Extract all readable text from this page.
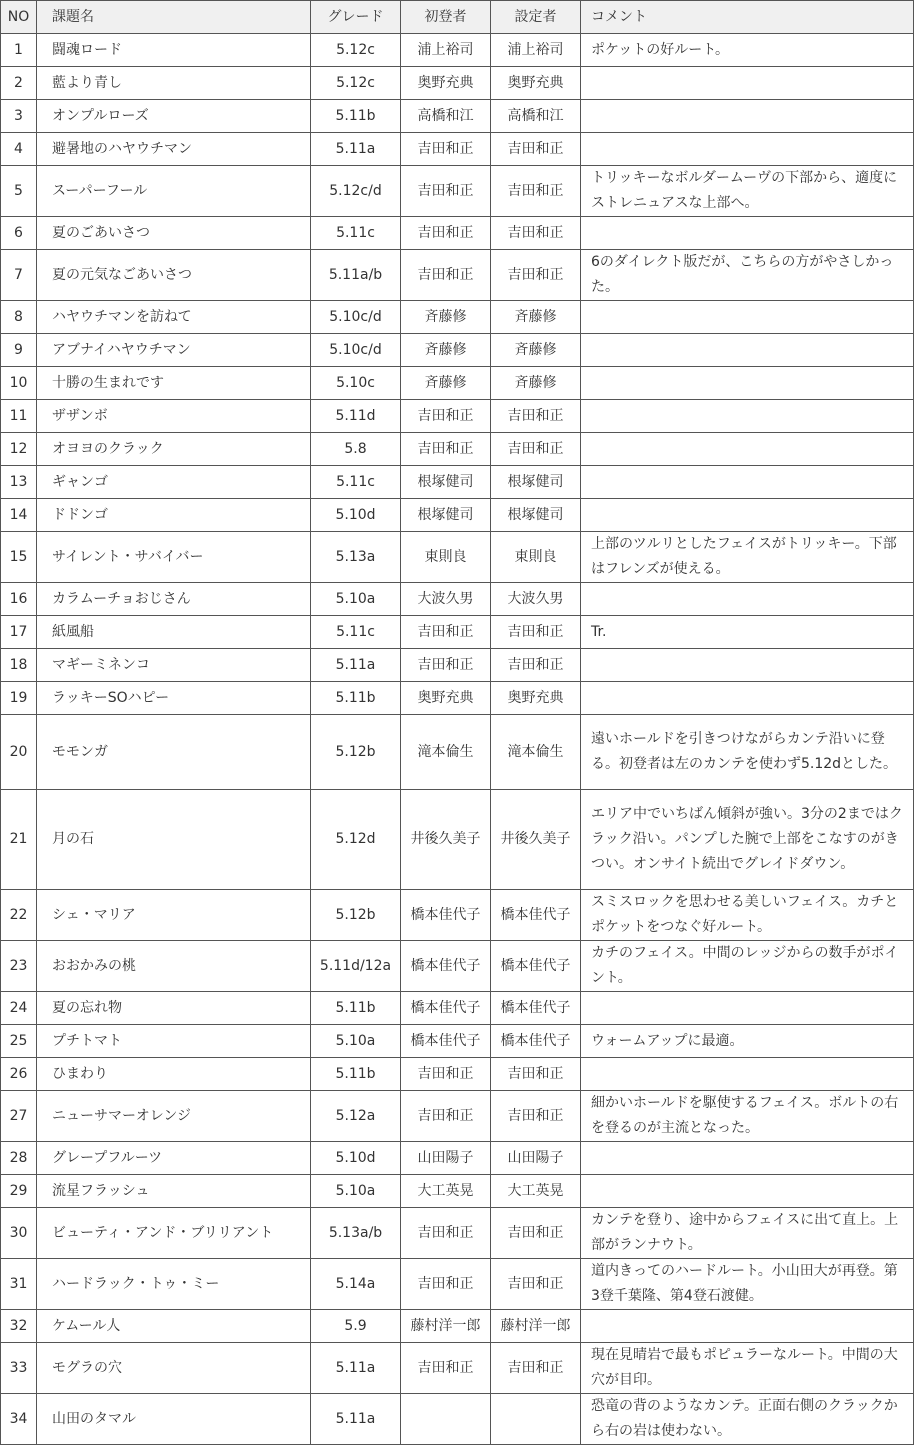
NO	課題名	グレード	初登者	設定者	コメント
1	闘魂ロード	5.12c	浦上裕司	浦上裕司	ポケットの好ルート。
2	藍より青し	5.12c	奥野充典	奥野充典	
3	オンプルローズ	5.11b	高橋和江	高橋和江	
4	避暑地のハヤウチマン	5.11a	吉田和正	吉田和正	
5	スーパーフール	5.12c/d	吉田和正	吉田和正	トリッキーなボルダームーヴの下部から、適度にストレニュアスな上部へ。
6	夏のごあいさつ	5.11c	吉田和正	吉田和正	
7	夏の元気なごあいさつ	5.11a/b	吉田和正	吉田和正	6のダイレクト版だが、こちらの方がやさしかった。
8	ハヤウチマンを訪ねて	5.10c/d	斉藤修	斉藤修	
9	アブナイハヤウチマン	5.10c/d	斉藤修	斉藤修	
10	十勝の生まれです	5.10c	斉藤修	斉藤修	
11	ザザンボ	5.11d	吉田和正	吉田和正	
12	オヨヨのクラック	5.8	吉田和正	吉田和正	
13	ギャンゴ	5.11c	根塚健司	根塚健司	
14	ドドンゴ	5.10d	根塚健司	根塚健司	
15	サイレント・サバイバー	5.13a	東則良	東則良	上部のツルリとしたフェイスがトリッキー。下部はフレンズが使える。
16	カラムーチョおじさん	5.10a	大波久男	大波久男	
17	紙風船	5.11c	吉田和正	吉田和正	Tr.
18	マギーミネンコ	5.11a	吉田和正	吉田和正	
19	ラッキーSOハピー	5.11b	奥野充典	奥野充典	
20	モモンガ	5.12b	滝本倫生	滝本倫生	遠いホールドを引きつけながらカンテ沿いに登る。初登者は左のカンテを使わず5.12dとした。
21	月の石	5.12d	井後久美子	井後久美子	エリア中でいちばん傾斜が強い。3分の2まではクラック沿い。パンプした腕で上部をこなすのがきつい。オンサイト続出でグレイドダウン。
22	シェ・マリア	5.12b	橋本佳代子	橋本佳代子	スミスロックを思わせる美しいフェイス。カチとポケットをつなぐ好ルート。
23	おおかみの桃	5.11d/12a	橋本佳代子	橋本佳代子	カチのフェイス。中間のレッジからの数手がポイント。
24	夏の忘れ物	5.11b	橋本佳代子	橋本佳代子	
25	プチトマト	5.10a	橋本佳代子	橋本佳代子	ウォームアップに最適。
26	ひまわり	5.11b	吉田和正	吉田和正	
27	ニューサマーオレンジ	5.12a	吉田和正	吉田和正	細かいホールドを駆使するフェイス。ボルトの右を登るのが主流となった。
28	グレープフルーツ	5.10d	山田陽子	山田陽子	
29	流星フラッシュ	5.10a	大工英晃	大工英晃	
30	ビューティ・アンド・ブリリアント	5.13a/b	吉田和正	吉田和正	カンテを登り、途中からフェイスに出て直上。上部がランナウト。
31	ハードラック・トゥ・ミー	5.14a	吉田和正	吉田和正	道内きってのハードルート。小山田大が再登。第3登千葉隆、第4登石渡健。
32	ケムール人	5.9	藤村洋一郎	藤村洋一郎	
33	モグラの穴	5.11a	吉田和正	吉田和正	現在見晴岩で最もポピュラーなルート。中間の大穴が目印。
34	山田のタマル	5.11a			恐竜の背のようなカンテ。正面右側のクラックから右の岩は使わない。
